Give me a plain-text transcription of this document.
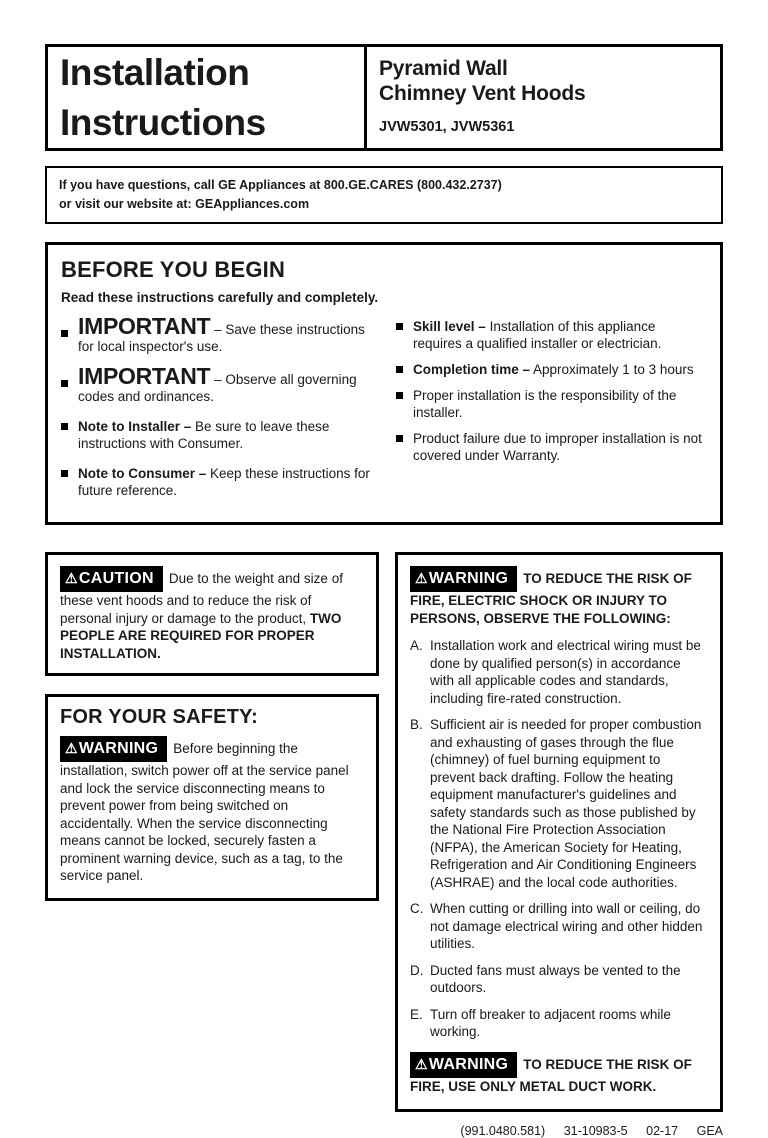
Installation
Instructions
Pyramid Wall
Chimney Vent Hoods
JVW5301, JVW5361
If you have questions, call GE Appliances at 800.GE.CARES (800.432.2737)
or visit our website at: GEAppliances.com
BEFORE YOU BEGIN
Read these instructions carefully and completely.
IMPORTANT – Save these instructions for local inspector's use.
IMPORTANT – Observe all governing codes and ordinances.
Note to Installer – Be sure to leave these instructions with Consumer.
Note to Consumer – Keep these instructions for future reference.
Skill level – Installation of this appliance requires a qualified installer or electrician.
Completion time – Approximately 1 to 3 hours
Proper installation is the responsibility of the installer.
Product failure due to improper installation is not covered under Warranty.

⚠CAUTION Due to the weight and size of these vent hoods and to reduce the risk of personal injury or damage to the product, TWO PEOPLE ARE REQUIRED FOR PROPER INSTALLATION.

FOR YOUR SAFETY:

⚠WARNING Before beginning the installation, switch power off at the service panel and lock the service disconnecting means to prevent power from being switched on accidentally. When the service disconnecting means cannot be locked, securely fasten a prominent warning device, such as a tag, to the service panel.

⚠WARNING TO REDUCE THE RISK OF FIRE, ELECTRIC SHOCK OR INJURY TO PERSONS, OBSERVE THE FOLLOWING:

A. Installation work and electrical wiring must be done by qualified person(s) in accordance with all applicable codes and standards, including fire-rated construction.
B. Sufficient air is needed for proper combustion and exhausting of gases through the flue (chimney) of fuel burning equipment to prevent back drafting. Follow the heating equipment manufacturer's guidelines and safety standards such as those published by the National Fire Protection Association (NFPA), the American Society for Heating, Refrigeration and Air Conditioning Engineers (ASHRAE) and the local code authorities.
C. When cutting or drilling into wall or ceiling, do not damage electrical wiring and other hidden utilities.
D. Ducted fans must always be vented to the outdoors.
E. Turn off breaker to adjacent rooms while working.

⚠WARNING TO REDUCE THE RISK OF FIRE, USE ONLY METAL DUCT WORK.

(991.0480.581) 31-10983-5 02-17 GEA
